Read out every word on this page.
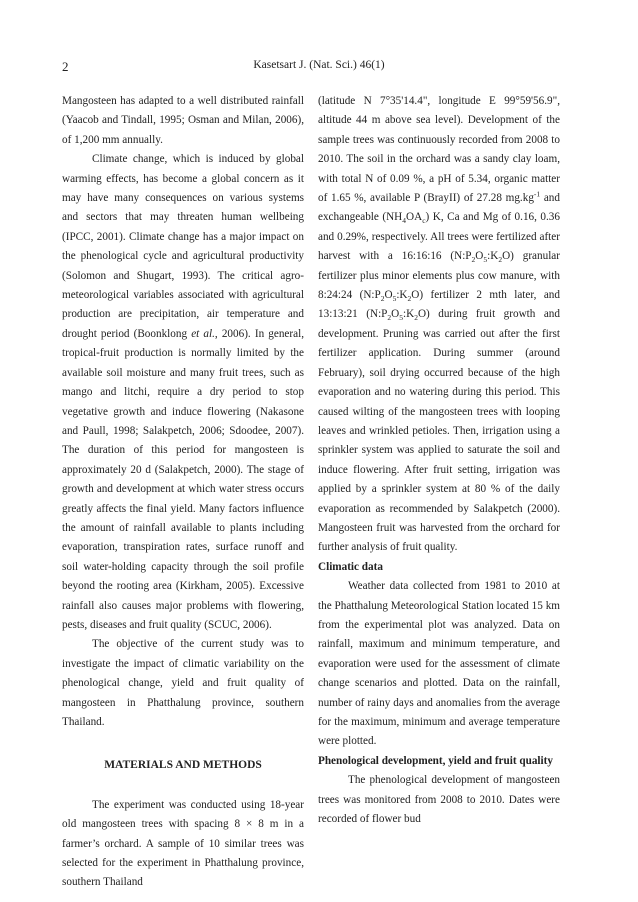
2	Kasetsart J. (Nat. Sci.) 46(1)

Mangosteen has adapted to a well distributed rainfall (Yaacob and Tindall, 1995; Osman and Milan, 2006), of 1,200 mm annually.

Climate change, which is induced by global warming effects, has become a global concern as it may have many consequences on various systems and sectors that may threaten human wellbeing (IPCC, 2001). Climate change has a major impact on the phenological cycle and agricultural productivity (Solomon and Shugart, 1993). The critical agro-meteorological variables associated with agricultural production are precipitation, air temperature and drought period (Boonklong et al., 2006). In general, tropical-fruit production is normally limited by the available soil moisture and many fruit trees, such as mango and litchi, require a dry period to stop vegetative growth and induce flowering (Nakasone and Paull, 1998; Salakpetch, 2006; Sdoodee, 2007). The duration of this period for mangosteen is approximately 20 d (Salakpetch, 2000). The stage of growth and development at which water stress occurs greatly affects the final yield. Many factors influence the amount of rainfall available to plants including evaporation, transpiration rates, surface runoff and soil water-holding capacity through the soil profile beyond the rooting area (Kirkham, 2005). Excessive rainfall also causes major problems with flowering, pests, diseases and fruit quality (SCUC, 2006).

The objective of the current study was to investigate the impact of climatic variability on the phenological change, yield and fruit quality of mangosteen in Phatthalung province, southern Thailand.

MATERIALS AND METHODS

The experiment was conducted using 18-year old mangosteen trees with spacing 8 × 8 m in a farmer’s orchard. A sample of 10 similar trees was selected for the experiment in Phatthalung province, southern Thailand

(latitude N 7°35'14.4", longitude E 99°59'56.9", altitude 44 m above sea level). Development of the sample trees was continuously recorded from 2008 to 2010. The soil in the orchard was a sandy clay loam, with total N of 0.09 %, a pH of 5.34, organic matter of 1.65 %, available P (BrayII) of 27.28 $mg.kg^{-1}$ and exchangeable $(NH_4OA_c)$ K, Ca and Mg of 0.16, 0.36 and 0.29%, respectively. All trees were fertilized after harvest with a 16:16:16 $(N:P_2O_5:K_2O)$ granular fertilizer plus minor elements plus cow manure, with 8:24:24 $(N:P_2O_5:K_2O)$ fertilizer 2 mth later, and 13:13:21 $(N:P_2O_5:K_2O)$ during fruit growth and development. Pruning was carried out after the first fertilizer application. During summer (around February), soil drying occurred because of the high evaporation and no watering during this period. This caused wilting of the mangosteen trees with looping leaves and wrinkled petioles. Then, irrigation using a sprinkler system was applied to saturate the soil and induce flowering. After fruit setting, irrigation was applied by a sprinkler system at 80 % of the daily evaporation as recommended by Salakpetch (2000). Mangosteen fruit was harvested from the orchard for further analysis of fruit quality.

Climatic data

Weather data collected from 1981 to 2010 at the Phatthalung Meteorological Station located 15 km from the experimental plot was analyzed. Data on rainfall, maximum and minimum temperature, and evaporation were used for the assessment of climate change scenarios and plotted. Data on the rainfall, number of rainy days and anomalies from the average for the maximum, minimum and average temperature were plotted.

Phenological development, yield and fruit quality

The phenological development of mangosteen trees was monitored from 2008 to 2010. Dates were recorded of flower bud
